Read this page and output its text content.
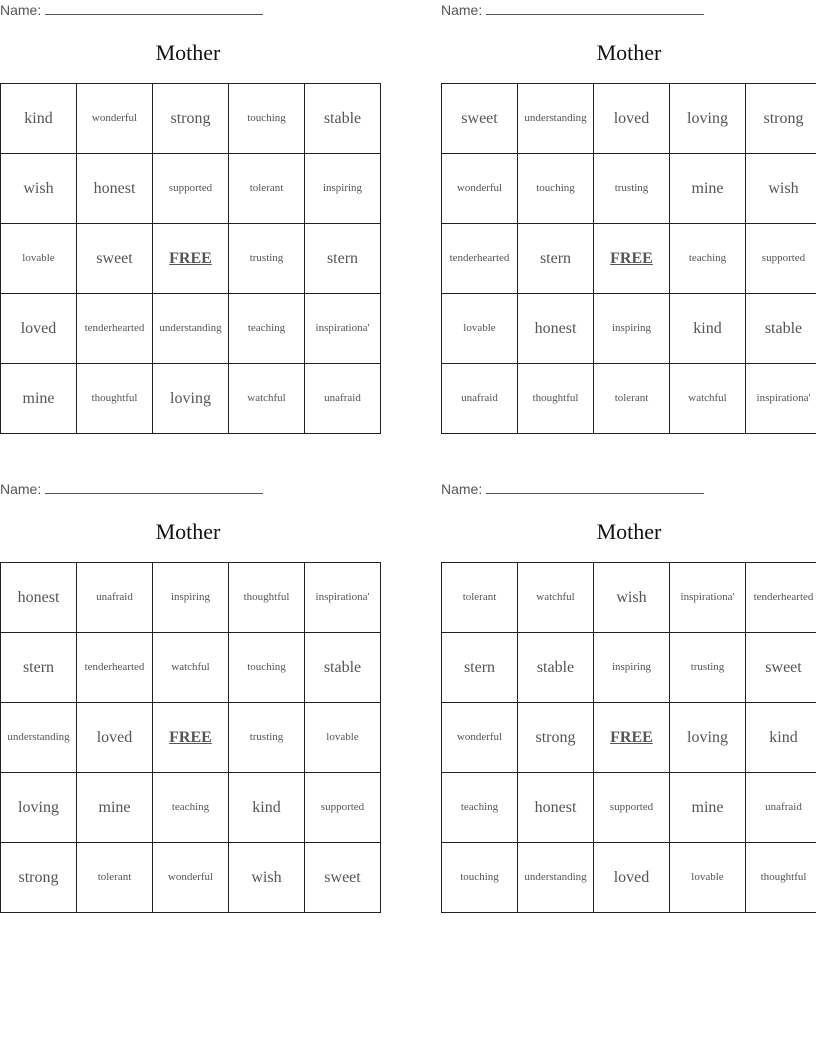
Name:
Mother
kind	wonderful	strong	touching	stable
wish	honest	supported	tolerant	inspiring
lovable	sweet	FREE	trusting	stern
loved	tenderhearted	understanding	teaching	inspirationa'
mine	thoughtful	loving	watchful	unafraid
Name:
Mother
sweet	understanding	loved	loving	strong
wonderful	touching	trusting	mine	wish
tenderhearted	stern	FREE	teaching	supported
lovable	honest	inspiring	kind	stable
unafraid	thoughtful	tolerant	watchful	inspirationa'
Name:
Mother
honest	unafraid	inspiring	thoughtful	inspirationa'
stern	tenderhearted	watchful	touching	stable
understanding	loved	FREE	trusting	lovable
loving	mine	teaching	kind	supported
strong	tolerant	wonderful	wish	sweet
Name:
Mother
tolerant	watchful	wish	inspirationa'	tenderhearted
stern	stable	inspiring	trusting	sweet
wonderful	strong	FREE	loving	kind
teaching	honest	supported	mine	unafraid
touching	understanding	loved	lovable	thoughtful
